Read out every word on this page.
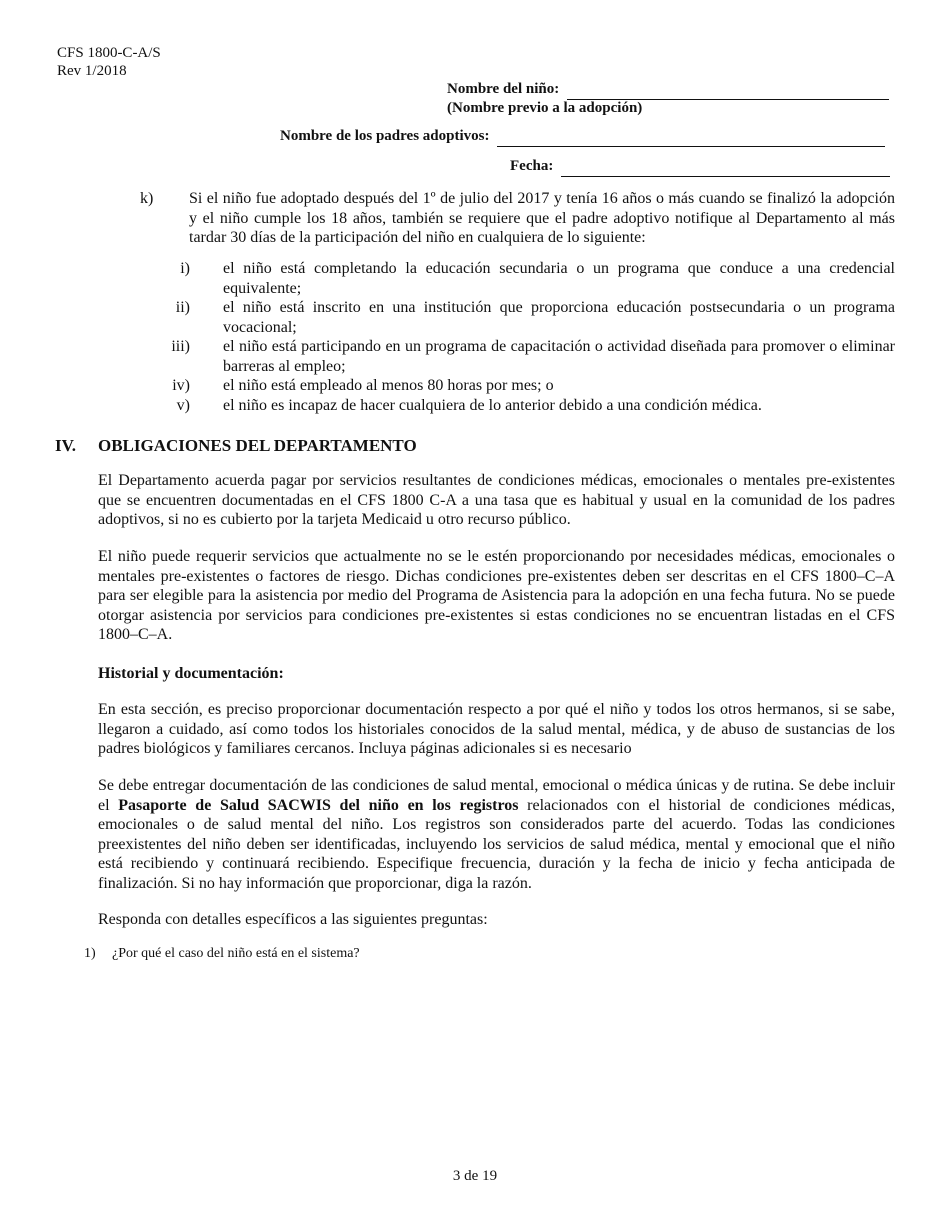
CFS 1800-C-A/S
Rev 1/2018
Nombre del niño:
(Nombre previo a la adopción)
Nombre de los padres adoptivos:
Fecha:
k) Si el niño fue adoptado después del 1º de julio del 2017 y tenía 16 años o más cuando se finalizó la adopción y el niño cumple los 18 años, también se requiere que el padre adoptivo notifique al Departamento al más tardar 30 días de la participación del niño en cualquiera de lo siguiente:
i) el niño está completando la educación secundaria o un programa que conduce a una credencial equivalente;
ii) el niño está inscrito en una institución que proporciona educación postsecundaria o un programa vocacional;
iii) el niño está participando en un programa de capacitación o actividad diseñada para promover o eliminar barreras al empleo;
iv) el niño está empleado al menos 80 horas por mes; o
v) el niño es incapaz de hacer cualquiera de lo anterior debido a una condición médica.
IV. OBLIGACIONES DEL DEPARTAMENTO
El Departamento acuerda pagar por servicios resultantes de condiciones médicas, emocionales o mentales pre-existentes que se encuentren documentadas en el CFS 1800 C-A a una tasa que es habitual y usual en la comunidad de los padres adoptivos, si no es cubierto por la tarjeta Medicaid u otro recurso público.
El niño puede requerir servicios que actualmente no se le estén proporcionando por necesidades médicas, emocionales o mentales pre-existentes o factores de riesgo. Dichas condiciones pre-existentes deben ser descritas en el CFS 1800–C–A para ser elegible para la asistencia por medio del Programa de Asistencia para la adopción en una fecha futura. No se puede otorgar asistencia por servicios para condiciones pre-existentes si estas condiciones no se encuentran listadas en el CFS 1800–C–A.
Historial y documentación:
En esta sección, es preciso proporcionar documentación respecto a por qué el niño y todos los otros hermanos, si se sabe, llegaron a cuidado, así como todos los historiales conocidos de la salud mental, médica, y de abuso de sustancias de los padres biológicos y familiares cercanos. Incluya páginas adicionales si es necesario
Se debe entregar documentación de las condiciones de salud mental, emocional o médica únicas y de rutina. Se debe incluir el Pasaporte de Salud SACWIS del niño en los registros relacionados con el historial de condiciones médicas, emocionales o de salud mental del niño. Los registros son considerados parte del acuerdo. Todas las condiciones preexistentes del niño deben ser identificadas, incluyendo los servicios de salud médica, mental y emocional que el niño está recibiendo y continuará recibiendo. Especifique frecuencia, duración y la fecha de inicio y fecha anticipada de finalización. Si no hay información que proporcionar, diga la razón.
Responda con detalles específicos a las siguientes preguntas:
1) ¿Por qué el caso del niño está en el sistema?
3 de 19
